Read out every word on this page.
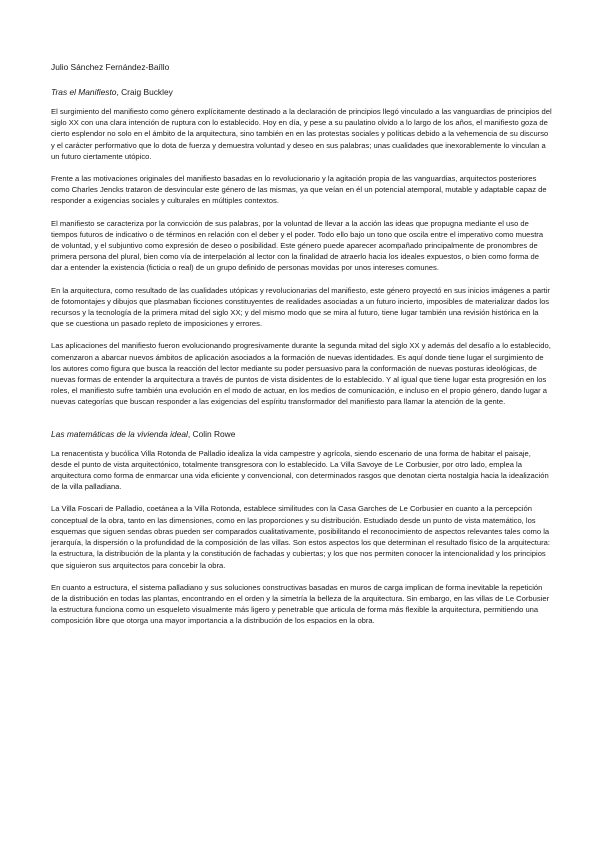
Julio Sánchez Fernández-Baíllo
Tras el Manifiesto, Craig Buckley

El surgimiento del manifiesto como género explícitamente destinado a la declaración de principios llegó vinculado a las vanguardias de principios del siglo XX con una clara intención de ruptura con lo establecido. Hoy en día, y pese a su paulatino olvido a lo largo de los años, el manifiesto goza de cierto esplendor no solo en el ámbito de la arquitectura, sino también en en las protestas sociales y políticas debido a la vehemencia de su discurso y el carácter performativo que lo dota de fuerza y demuestra voluntad y deseo en sus palabras; unas cualidades que inexorablemente lo vinculan a un futuro ciertamente utópico.

Frente a las motivaciones originales del manifiesto basadas en lo revolucionario y la agitación propia de las vanguardias, arquitectos posteriores como Charles Jencks trataron de desvincular este género de las mismas, ya que veían en él un potencial atemporal, mutable y adaptable capaz de responder a exigencias sociales y culturales en múltiples contextos.

El manifiesto se caracteriza por la convicción de sus palabras, por la voluntad de llevar a la acción las ideas que propugna mediante el uso de tiempos futuros de indicativo o de términos en relación con el deber y el poder. Todo ello bajo un tono que oscila entre el imperativo como muestra de voluntad, y el subjuntivo como expresión de deseo o posibilidad. Este género puede aparecer acompañado principalmente de pronombres de primera persona del plural, bien como vía de interpelación al lector con la finalidad de atraerlo hacia los ideales expuestos, o bien como forma de dar a entender la existencia (ficticia o real) de un grupo definido de personas movidas por unos intereses comunes.

En la arquitectura, como resultado de las cualidades utópicas y revolucionarias del manifiesto, este género proyectó en sus inicios imágenes a partir de fotomontajes y dibujos que plasmaban ficciones constituyentes de realidades asociadas a un futuro incierto, imposibles de materializar dados los recursos y la tecnología de la primera mitad del siglo XX; y del mismo modo que se mira al futuro, tiene lugar también una revisión histórica en la que se cuestiona un pasado repleto de imposiciones y errores.

Las aplicaciones del manifiesto fueron evolucionando progresivamente durante la segunda mitad del siglo XX y además del desafío a lo establecido, comenzaron a abarcar nuevos ámbitos de aplicación asociados a la formación de nuevas identidades. Es aquí donde tiene lugar el surgimiento de los autores como figura que busca la reacción del lector mediante su poder persuasivo para la conformación de nuevas posturas ideológicas, de nuevas formas de entender la arquitectura a través de puntos de vista disidentes de lo establecido. Y al igual que tiene lugar esta progresión en los roles, el manifiesto sufre también una evolución en el modo de actuar, en los medios de comunicación, e incluso en el propio género, dando lugar a nuevas categorías que buscan responder a las exigencias del espíritu transformador del manifiesto para llamar la atención de la gente.

Las matemáticas de la vivienda ideal, Colin Rowe

La renacentista y bucólica Villa Rotonda de Palladio idealiza la vida campestre y agrícola, siendo escenario de una forma de habitar el paisaje, desde el punto de vista arquitectónico, totalmente transgresora con lo establecido. La Villa Savoye de Le Corbusier, por otro lado, emplea la arquitectura como forma de enmarcar una vida eficiente y convencional, con determinados rasgos que denotan cierta nostalgia hacia la idealización de la villa palladiana.

La Villa Foscari de Palladio, coetánea a la Villa Rotonda, establece similitudes con la Casa Garches de Le Corbusier en cuanto a la percepción conceptual de la obra, tanto en las dimensiones, como en las proporciones y su distribución. Estudiado desde un punto de vista matemático, los esquemas que siguen sendas obras pueden ser comparados cualitativamente, posibilitando el reconocimiento de aspectos relevantes tales como la jerarquía, la dispersión o la profundidad de la composición de las villas. Son estos aspectos los que determinan el resultado físico de la arquitectura: la estructura, la distribución de la planta y la constitución de fachadas y cubiertas; y los que nos permiten conocer la intencionalidad y los principios que siguieron sus arquitectos para concebir la obra.

En cuanto a estructura, el sistema palladiano y sus soluciones constructivas basadas en muros de carga implican de forma inevitable la repetición de la distribución en todas las plantas, encontrando en el orden y la simetría la belleza de la arquitectura. Sin embargo, en las villas de Le Corbusier la estructura funciona como un esqueleto visualmente más ligero y penetrable que articula de forma más flexible la arquitectura, permitiendo una composición libre que otorga una mayor importancia a la distribución de los espacios en la obra.
